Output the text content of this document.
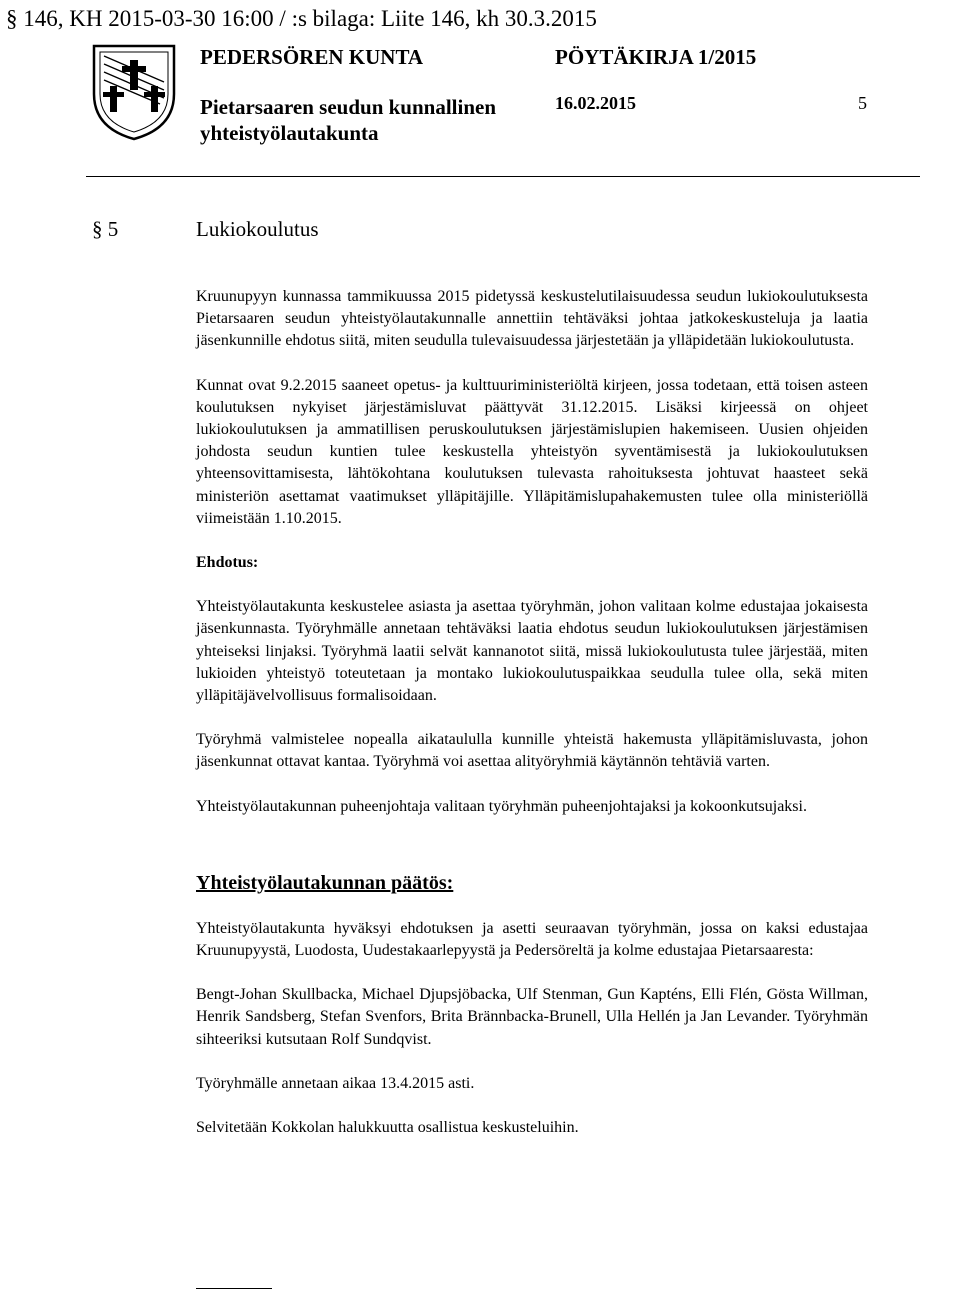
§ 146, KH 2015-03-30 16:00 / :s bilaga: Liite 146, kh 30.3.2015
PEDERSÖREN KUNTA
Pietarsaaren seudun kunnallinen yhteistyölautakunta
PÖYTÄKIRJA 1/2015
16.02.2015	5
§ 5	Lukiokoulutus

Kruunupyyn kunnassa tammikuussa 2015 pidetyssä keskustelutilaisuudessa seudun lukiokoulutuksesta Pietarsaaren seudun yhteistyölautakunnalle annettiin tehtäväksi johtaa jatkokeskusteluja ja laatia jäsenkunnille ehdotus siitä, miten seudulla tulevaisuudessa järjestetään ja ylläpidetään lukiokoulutusta.

Kunnat ovat 9.2.2015 saaneet opetus- ja kulttuuriministeriöltä kirjeen, jossa todetaan, että toisen asteen koulutuksen nykyiset järjestämisluvat päättyvät 31.12.2015. Lisäksi kirjeessä on ohjeet lukiokoulutuksen ja ammatillisen peruskoulutuksen järjestämislupien hakemiseen. Uusien ohjeiden johdosta seudun kuntien tulee keskustella yhteistyön syventämisestä ja lukiokoulutuksen yhteensovittamisesta, lähtökohtana koulutuksen tulevasta rahoituksesta johtuvat haasteet sekä ministeriön asettamat vaatimukset ylläpitäjille. Ylläpitämislupahakemusten tulee olla ministeriöllä viimeistään 1.10.2015.

Ehdotus:

Yhteistyölautakunta keskustelee asiasta ja asettaa työryhmän, johon valitaan kolme edustajaa jokaisesta jäsenkunnasta. Työryhmälle annetaan tehtäväksi laatia ehdotus seudun lukiokoulutuksen järjestämisen yhteiseksi linjaksi. Työryhmä laatii selvät kannanotot siitä, missä lukiokoulutusta tulee järjestää, miten lukioiden yhteistyö toteutetaan ja montako lukiokoulutuspaikkaa seudulla tulee olla, sekä miten ylläpitäjävelvollisuus formalisoidaan.

Työryhmä valmistelee nopealla aikataululla kunnille yhteistä hakemusta ylläpitämisluvasta, johon jäsenkunnat ottavat kantaa. Työryhmä voi asettaa alityöryhmiä käytännön tehtäviä varten.

Yhteistyölautakunnan puheenjohtaja valitaan työryhmän puheenjohtajaksi ja kokoonkutsujaksi.

Yhteistyölautakunnan päätös:

Yhteistyölautakunta hyväksyi ehdotuksen ja asetti seuraavan työryhmän, jossa on kaksi edustajaa Kruunupyystä, Luodosta, Uudestakaarlepyystä ja Pedersöreltä ja kolme edustajaa Pietarsaaresta:

Bengt-Johan Skullbacka, Michael Djupsjöbacka, Ulf Stenman, Gun Kapténs, Elli Flén, Gösta Willman, Henrik Sandsberg, Stefan Svenfors, Brita Brännbacka-Brunell, Ulla Hellén ja Jan Levander. Työryhmän sihteeriksi kutsutaan Rolf Sundqvist.

Työryhmälle annetaan aikaa 13.4.2015 asti.

Selvitetään Kokkolan halukkuutta osallistua keskusteluihin.
